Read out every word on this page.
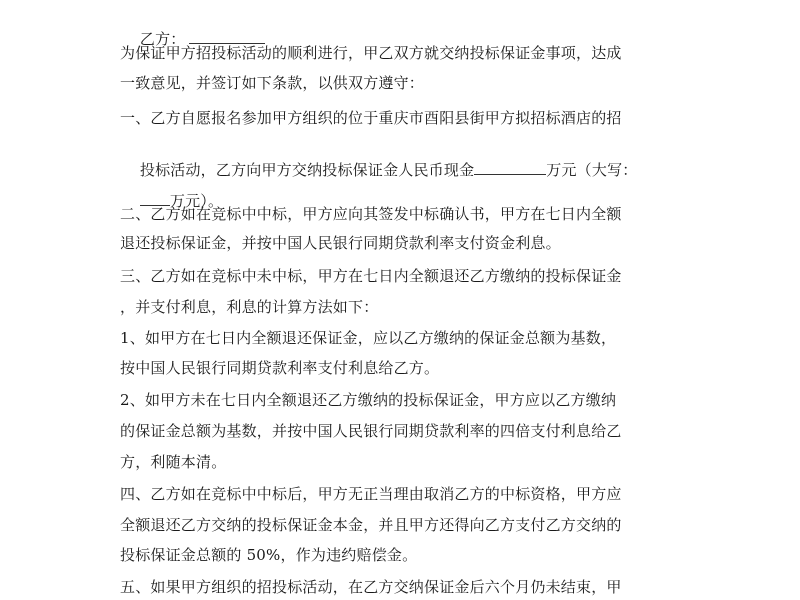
乙方：

为保证甲方招投标活动的顺利进行，甲乙双方就交纳投标保证金事项，达成
一致意见，并签订如下条款，以供双方遵守：
一、乙方自愿报名参加甲方组织的位于重庆市酉阳县街甲方拟招标酒店的招

投标活动，乙方向甲方交纳投标保证金人民币现金	万元（大写：

万元）。

二、乙方如在竞标中中标，甲方应向其签发中标确认书，甲方在七日内全额
退还投标保证金，并按中国人民银行同期贷款利率支付资金利息。
三、乙方如在竞标中未中标，甲方在七日内全额退还乙方缴纳的投标保证金
，并支付利息，利息的计算方法如下：
1、如甲方在七日内全额退还保证金，应以乙方缴纳的保证金总额为基数，
按中国人民银行同期贷款利率支付利息给乙方。
2、如甲方未在七日内全额退还乙方缴纳的投标保证金，甲方应以乙方缴纳
的保证金总额为基数，并按中国人民银行同期贷款利率的四倍支付利息给乙
方，利随本清。
四、乙方如在竞标中中标后，甲方无正当理由取消乙方的中标资格，甲方应
全额退还乙方交纳的投标保证金本金，并且甲方还得向乙方支付乙方交纳的
投标保证金总额的 50%，作为违约赔偿金。
五、如果甲方组织的招投标活动，在乙方交纳保证金后六个月仍未结束，甲
